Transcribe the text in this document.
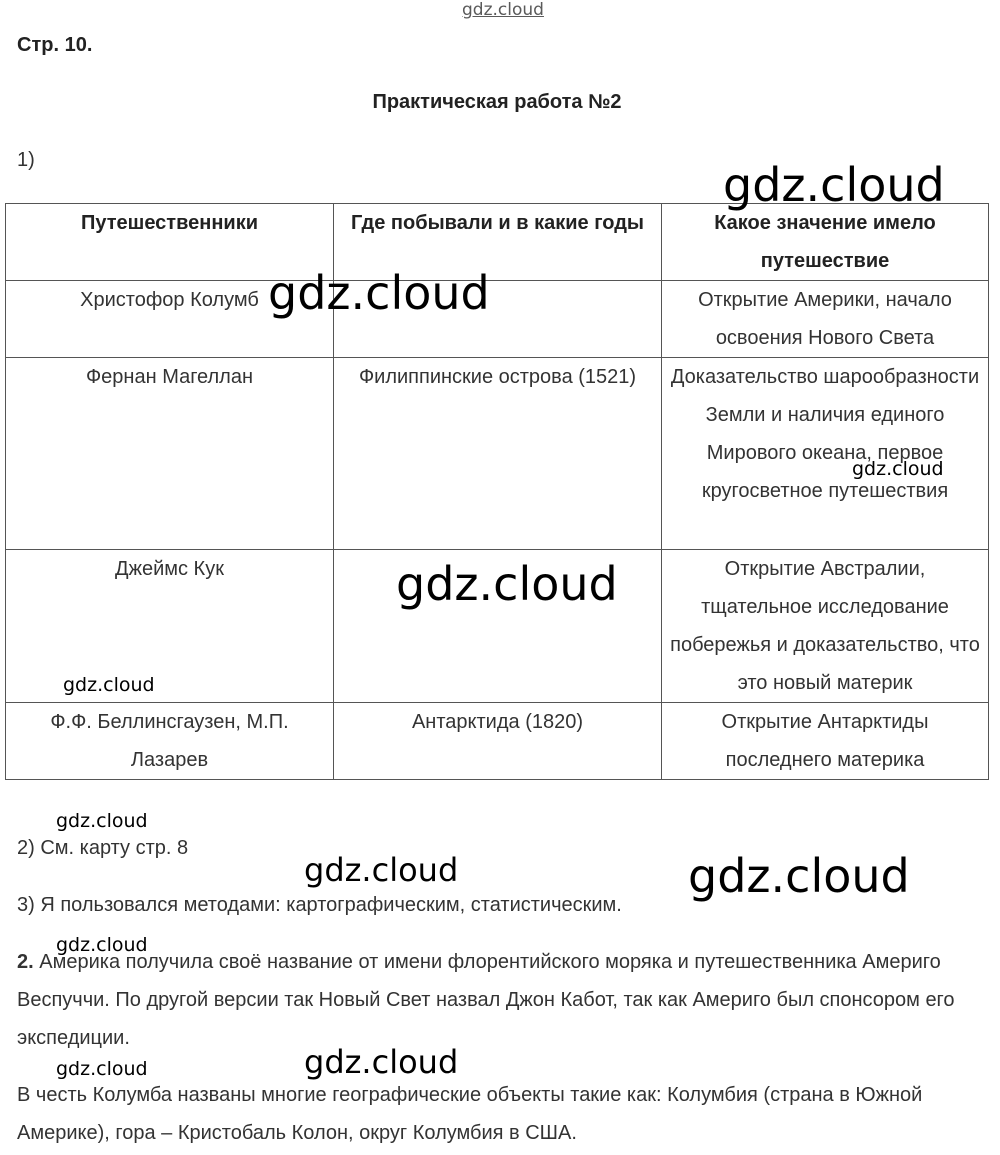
gdz.cloud
Стр. 10.
Практическая работа №2
1)
Путешественники	Где побывали и в какие годы	Какое значение имело путешествие
Христофор Колумб		Открытие Америки, начало освоения Нового Света
Фернан Магеллан	Филиппинские острова (1521)	Доказательство шарообразности Земли и наличия единого Мирового океана, первое кругосветное путешествия
Джеймс Кук		Открытие Австралии, тщательное исследование побережья и доказательство, что это новый материк
Ф.Ф. Беллинсгаузен, М.П. Лазарев	Антарктида (1820)	Открытие Антарктиды последнего материка
2) См. карту стр. 8
3) Я пользовался методами: картографическим, статистическим.
2. Америка получила своё название от имени флорентийского моряка и путешественника Америго Веспуччи. По другой версии так Новый Свет назвал Джон Кабот, так как Америго был спонсором его экспедиции.
В честь Колумба названы многие географические объекты такие как: Колумбия (страна в Южной Америке), гора – Кристобаль Колон, округ Колумбия в США.
gdz.cloud
gdz.cloud
gdz.cloud
gdz.cloud
gdz.cloud
gdz.cloud
gdz.cloud	gdz.cloud
gdz.cloud
gdz.cloud	gdz.cloud
